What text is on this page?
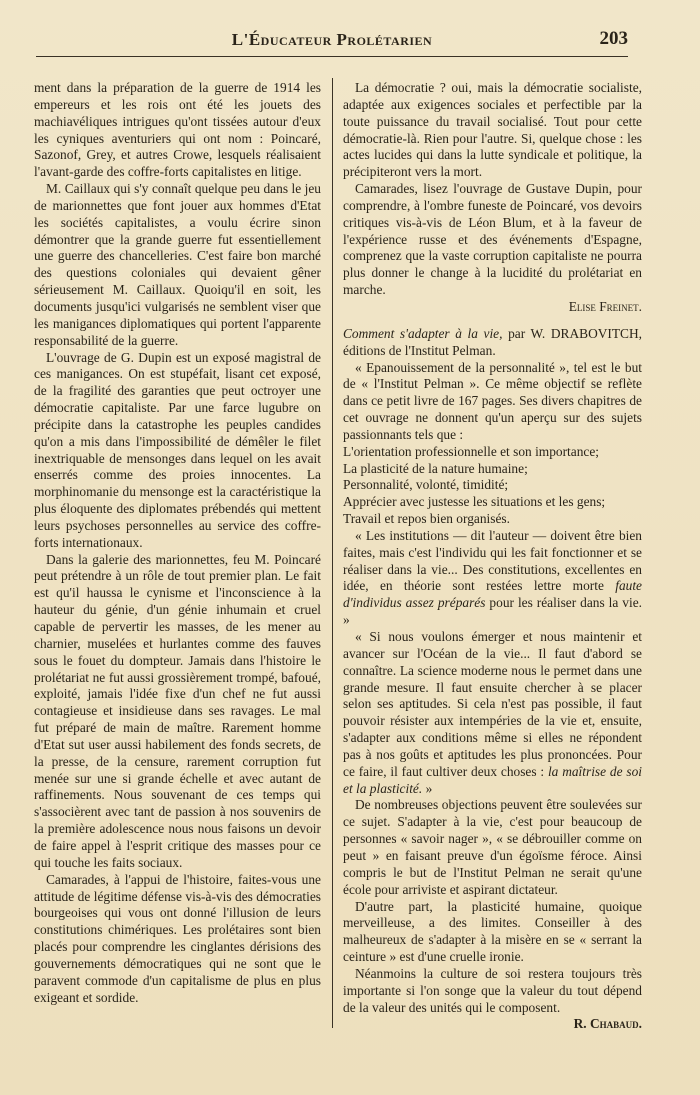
L'Éducateur Prolétarien	203

ment dans la préparation de la guerre de 1914 les empereurs et les rois ont été les jouets des machiavéliques intrigues qu'ont tissées autour d'eux les cyniques aventuriers qui ont nom : Poincaré, Sazonof, Grey, et autres Crowe, lesquels réalisaient l'avant-garde des coffre-forts capitalistes en litige.

M. Caillaux qui s'y connaît quelque peu dans le jeu de marionnettes que font jouer aux hommes d'Etat les sociétés capitalistes, a voulu écrire sinon démontrer que la grande guerre fut essentiellement une guerre des chancelleries. C'est faire bon marché des questions coloniales qui devaient gêner sérieusement M. Caillaux. Quoiqu'il en soit, les documents jusqu'ici vulgarisés ne semblent viser que les manigances diplomatiques qui portent l'apparente responsabilité de la guerre.

L'ouvrage de G. Dupin est un exposé magistral de ces manigances. On est stupéfait, lisant cet exposé, de la fragilité des garanties que peut octroyer une démocratie capitaliste. Par une farce lugubre on précipite dans la catastrophe les peuples candides qu'on a mis dans l'impossibilité de démêler le filet inextriquable de mensonges dans lequel on les avait enserrés comme des proies innocentes. La morphinomanie du mensonge est la caractéristique la plus éloquente des diplomates prébendés qui mettent leurs psychoses personnelles au service des coffre-forts internationaux.

Dans la galerie des marionnettes, feu M. Poincaré peut prétendre à un rôle de tout premier plan. Le fait est qu'il haussa le cynisme et l'inconscience à la hauteur du génie, d'un génie inhumain et cruel capable de pervertir les masses, de les mener au charnier, muselées et hurlantes comme des fauves sous le fouet du dompteur. Jamais dans l'histoire le prolétariat ne fut aussi grossièrement trompé, bafoué, exploité, jamais l'idée fixe d'un chef ne fut aussi contagieuse et insidieuse dans ses ravages. Le mal fut préparé de main de maître. Rarement homme d'Etat sut user aussi habilement des fonds secrets, de la presse, de la censure, rarement corruption fut menée sur une si grande échelle et avec autant de raffinements. Nous souvenant de ces temps qui s'associèrent avec tant de passion à nos souvenirs de la première adolescence nous nous faisons un devoir de faire appel à l'esprit critique des masses pour ce qui touche les faits sociaux.

Camarades, à l'appui de l'histoire, faites-vous une attitude de légitime défense vis-à-vis des démocraties bourgeoises qui vous ont donné l'illusion de leurs constitutions chimériques. Les prolétaires sont bien placés pour comprendre les cinglantes dérisions des gouvernements démocratiques qui ne sont que le paravent commode d'un capitalisme de plus en plus exigeant et sordide.

La démocratie ? oui, mais la démocratie socialiste, adaptée aux exigences sociales et perfectible par la toute puissance du travail socialisé. Tout pour cette démocratie-là. Rien pour l'autre. Si, quelque chose : les actes lucides qui dans la lutte syndicale et politique, la précipiteront vers la mort.

Camarades, lisez l'ouvrage de Gustave Dupin, pour comprendre, à l'ombre funeste de Poincaré, vos devoirs critiques vis-à-vis de Léon Blum, et à la faveur de l'expérience russe et des événements d'Espagne, comprenez que la vaste corruption capitaliste ne pourra plus donner le change à la lucidité du prolétariat en marche.

Elise Freinet.

Comment s'adapter à la vie, par W. DRABOVITCH, éditions de l'Institut Pelman.

« Epanouissement de la personnalité », tel est le but de « l'Institut Pelman ». Ce même objectif se reflète dans ce petit livre de 167 pages. Ses divers chapitres de cet ouvrage ne donnent qu'un aperçu sur des sujets passionnants tels que :

L'orientation professionnelle et son importance;

La plasticité de la nature humaine;

Personnalité, volonté, timidité;

Apprécier avec justesse les situations et les gens;

Travail et repos bien organisés.

« Les institutions — dit l'auteur — doivent être bien faites, mais c'est l'individu qui les fait fonctionner et se réaliser dans la vie... Des constitutions, excellentes en idée, en théorie sont restées lettre morte faute d'individus assez préparés pour les réaliser dans la vie. »

« Si nous voulons émerger et nous maintenir et avancer sur l'Océan de la vie... Il faut d'abord se connaître. La science moderne nous le permet dans une grande mesure. Il faut ensuite chercher à se placer selon ses aptitudes. Si cela n'est pas possible, il faut pouvoir résister aux intempéries de la vie et, ensuite, s'adapter aux conditions même si elles ne répondent pas à nos goûts et aptitudes les plus prononcées. Pour ce faire, il faut cultiver deux choses : la maîtrise de soi et la plasticité. »

De nombreuses objections peuvent être soulevées sur ce sujet. S'adapter à la vie, c'est pour beaucoup de personnes « savoir nager », « se débrouiller comme on peut » en faisant preuve d'un égoïsme féroce. Ainsi compris le but de l'Institut Pelman ne serait qu'une école pour arriviste et aspirant dictateur.

D'autre part, la plasticité humaine, quoique merveilleuse, a des limites. Conseiller à des malheureux de s'adapter à la misère en se « serrant la ceinture » est d'une cruelle ironie.

Néanmoins la culture de soi restera toujours très importante si l'on songe que la valeur du tout dépend de la valeur des unités qui le composent.

R. Chabaud.
